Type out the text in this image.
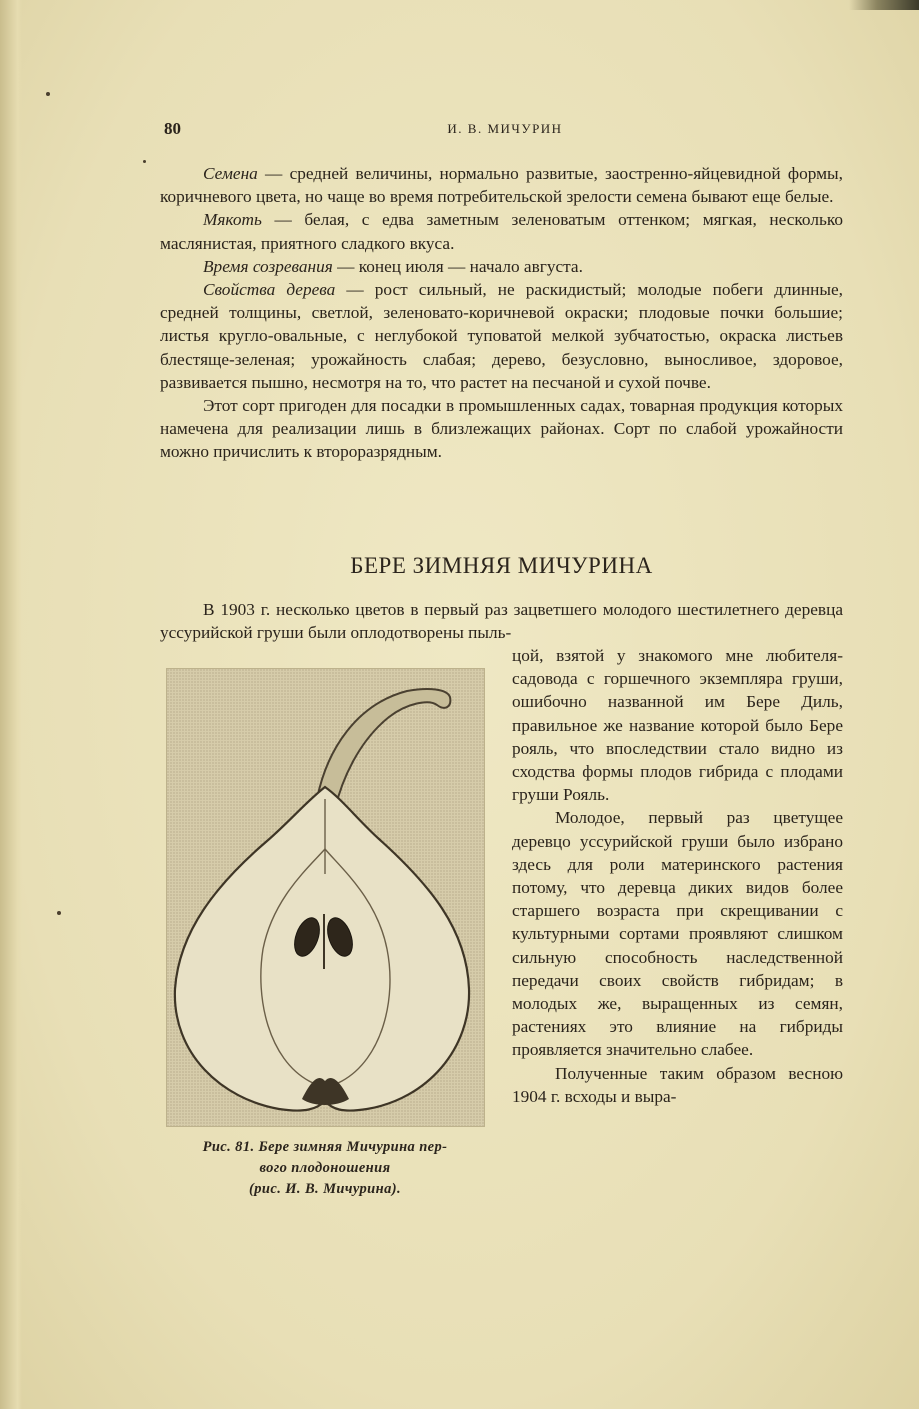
80	И. В. МИЧУРИН

Семена — средней величины, нормально развитые, заостренно-яйцевидной формы, коричневого цвета, но чаще во время потребительской зрелости семена бывают еще белые.

Мякоть — белая, с едва заметным зеленоватым оттенком; мягкая, несколько маслянистая, приятного сладкого вкуса.

Время созревания — конец июля — начало августа.

Свойства дерева — рост сильный, не раскидистый; молодые побеги длинные, средней толщины, светлой, зеленовато-коричневой окраски; плодовые почки большие; листья кругло-овальные, с неглубокой туповатой мелкой зубчатостью, окраска листьев блестяще-зеленая; урожайность слабая; дерево, безусловно, выносливое, здоровое, развивается пышно, несмотря на то, что растет на песчаной и сухой почве.

Этот сорт пригоден для посадки в промышленных садах, товарная продукция которых намечена для реализации лишь в близлежащих районах. Сорт по слабой урожайности можно причислить к второразрядным.

БЕРЕ ЗИМНЯЯ МИЧУРИНА

В 1903 г. несколько цветов в первый раз зацветшего молодого шестилетнего деревца уссурийской груши были оплодотворены пыль-

Рис. 81. Бере зимняя Мичурина пер-
вого плодоношения
(рис. И. В. Мичурина).

цой, взятой у знакомого мне любителя-садовода с горшечного экземпляра груши, ошибочно названной им Бере Диль, правильное же название которой было Бере рояль, что впоследствии стало видно из сходства формы плодов гибрида с плодами груши Рояль.

Молодое, первый раз цветущее деревцо уссурийской груши было избрано здесь для роли материнского растения потому, что деревца диких видов более старшего возраста при скрещивании с культурными сортами проявляют слишком сильную способность наследственной передачи своих свойств гибридам; в молодых же, выращенных из семян, растениях это влияние на гибриды проявляется значительно слабее.

Полученные таким образом весною 1904 г. всходы и выра-
